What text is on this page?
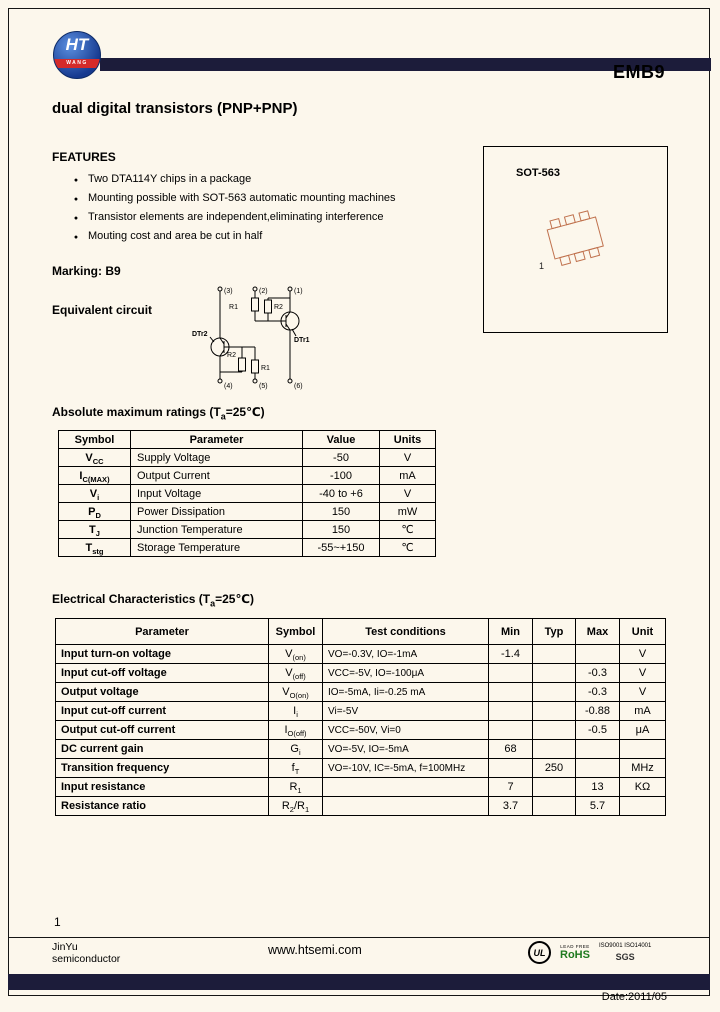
HT
WANG	EMB9
dual digital transistors (PNP+PNP)
FEATURES
●
Two DTA114Y chips in a package
●
Mounting possible with SOT-563 automatic mounting machines
●
Transistor elements are independent,eliminating interference
●
Mouting cost and area be cut in half
SOT-563
1
Marking: B9
Equivalent circuit
(3)	(2)	(1)
(4)	(5)	(6)
R1	R2
R1
R2
DTr1
DTr2
Absolute maximum ratings $(T_a=25℃)$
Symbol	Parameter	Value	Units
$V_{CC}$	Supply Voltage	-50	V
$I_{C(MAX)}$	Output Current	-100	mA
$V_i$	Input Voltage	-40 to +6	V
$P_D$	Power Dissipation	150	mW
$T_J$	Junction Temperature	150	℃
$T_{stg}$	Storage Temperature	-55~+150	℃
Electrical Characteristics $(T_a=25℃)$
Parameter	Symbol	Test conditions	Min	Typ	Max	Unit
Input turn-on voltage	$V_{(on)}$	VO=-0.3V, IO=-1mA	-1.4			V
Input cut-off voltage	$V_{(off)}$	VCC=-5V, IO=-100μA			-0.3	V
Output voltage	$V_{O(on)}$	IO=-5mA, Ii=-0.25 mA			-0.3	V
Input cut-off current	$I_i$	Vi=-5V			-0.88	mA
Output cut-off current	$I_{O(off)}$	VCC=-50V, Vi=0			-0.5	μA
DC current gain	$G_i$	VO=-5V, IO=-5mA	68			
Transition frequency	$f_T$	VO=-10V, IC=-5mA, f=100MHz		250		MHz
Input resistance	$R_1$		7		13	KΩ
Resistance ratio	$R_2/R_1$		3.7		5.7	
1
JinYu
semiconductor
www.htsemi.com	UL
LEAD FREE
RoHS
ISO9001 ISO14001
SGS
Date:2011/05
